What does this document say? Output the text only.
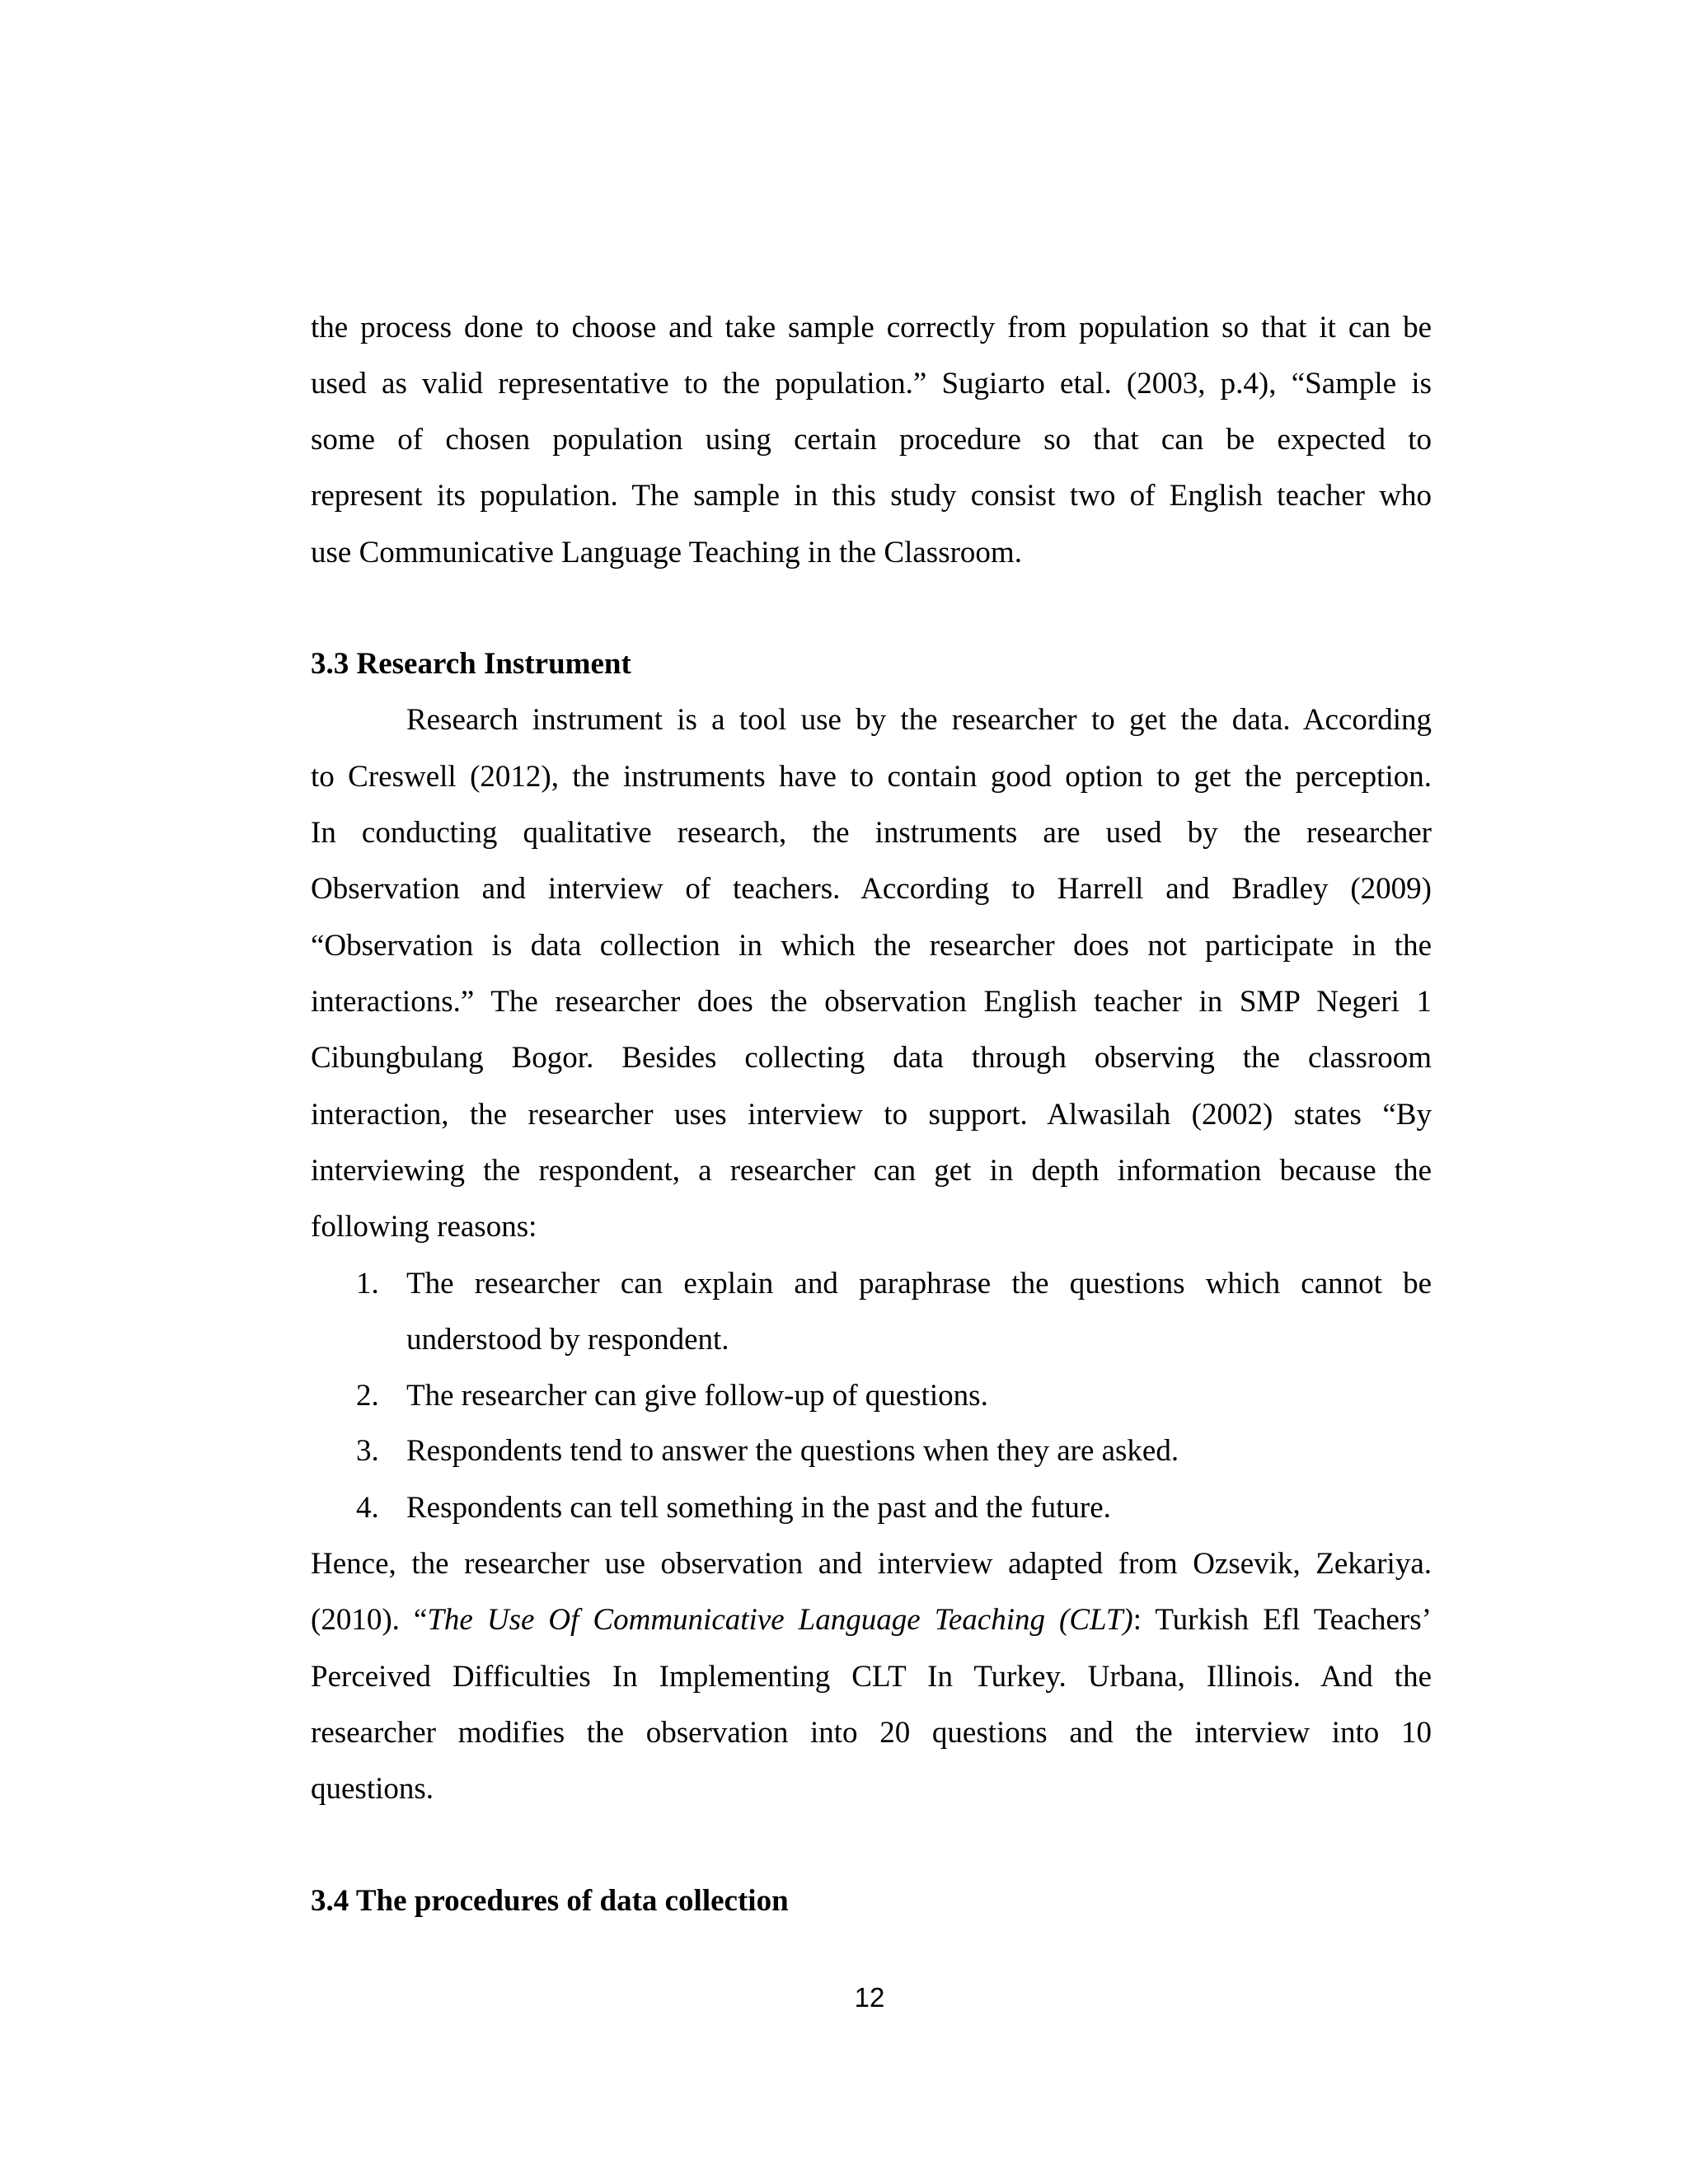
the process done to choose and take sample correctly from population so that it can be
used as valid representative to the population.” Sugiarto etal. (2003, p.4), “Sample is
some of chosen population using certain procedure so that can be expected to
represent its population. The sample in this study consist two of English teacher who
use Communicative Language Teaching in the Classroom.
3.3 Research Instrument
Research instrument is a tool use by the researcher to get the data. According
to Creswell (2012), the instruments have to contain good option to get the perception.
In conducting qualitative research, the instruments are used by the researcher
Observation and interview of teachers. According to Harrell and Bradley (2009)
“Observation is data collection in which the researcher does not participate in the
interactions.” The researcher does the observation English teacher in SMP Negeri 1
Cibungbulang Bogor. Besides collecting data through observing the classroom
interaction, the researcher uses interview to support. Alwasilah (2002) states “By
interviewing the respondent, a researcher can get in depth information because the
following reasons:
1. The researcher can explain and paraphrase the questions which cannot be
understood by respondent.
2. The researcher can give follow-up of questions.
3. Respondents tend to answer the questions when they are asked.
4. Respondents can tell something in the past and the future.
Hence, the researcher use observation and interview adapted from Ozsevik, Zekariya.
(2010). “The Use Of Communicative Language Teaching (CLT): Turkish Efl Teachers’
Perceived Difficulties In Implementing CLT In Turkey. Urbana, Illinois. And the
researcher modifies the observation into 20 questions and the interview into 10
questions.
3.4 The procedures of data collection
12
